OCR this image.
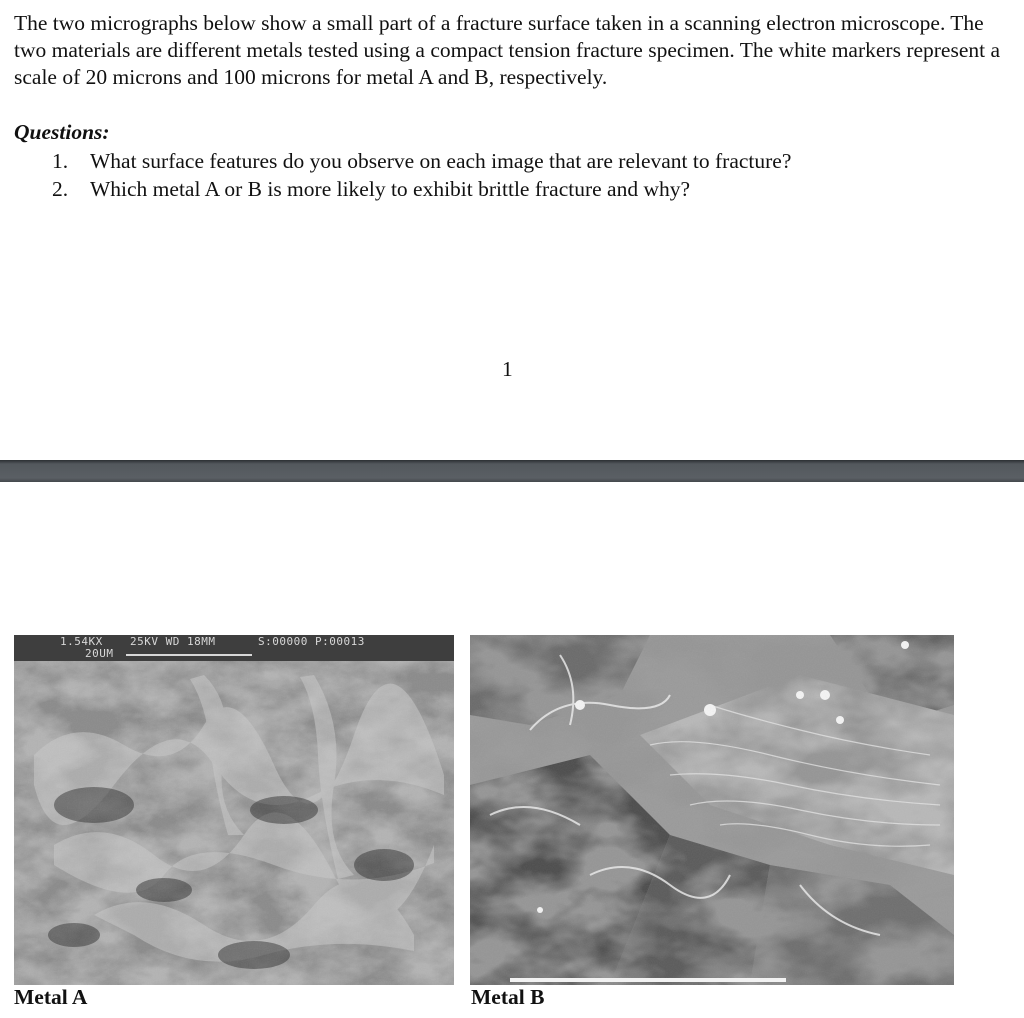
The two micrographs below show a small part of a fracture surface taken in a scanning electron microscope. The two materials are different metals tested using a compact tension fracture specimen. The white markers represent a scale of 20 microns and 100 microns for metal A and B, respectively.

Questions:

1.	What surface features do you observe on each image that are relevant to fracture?
2.	Which metal A or B is more likely to exhibit brittle fracture and why?
1
1.54KX 25KV WD 18MM	S:00000 P:00013
20UM
Metal A	Metal B
